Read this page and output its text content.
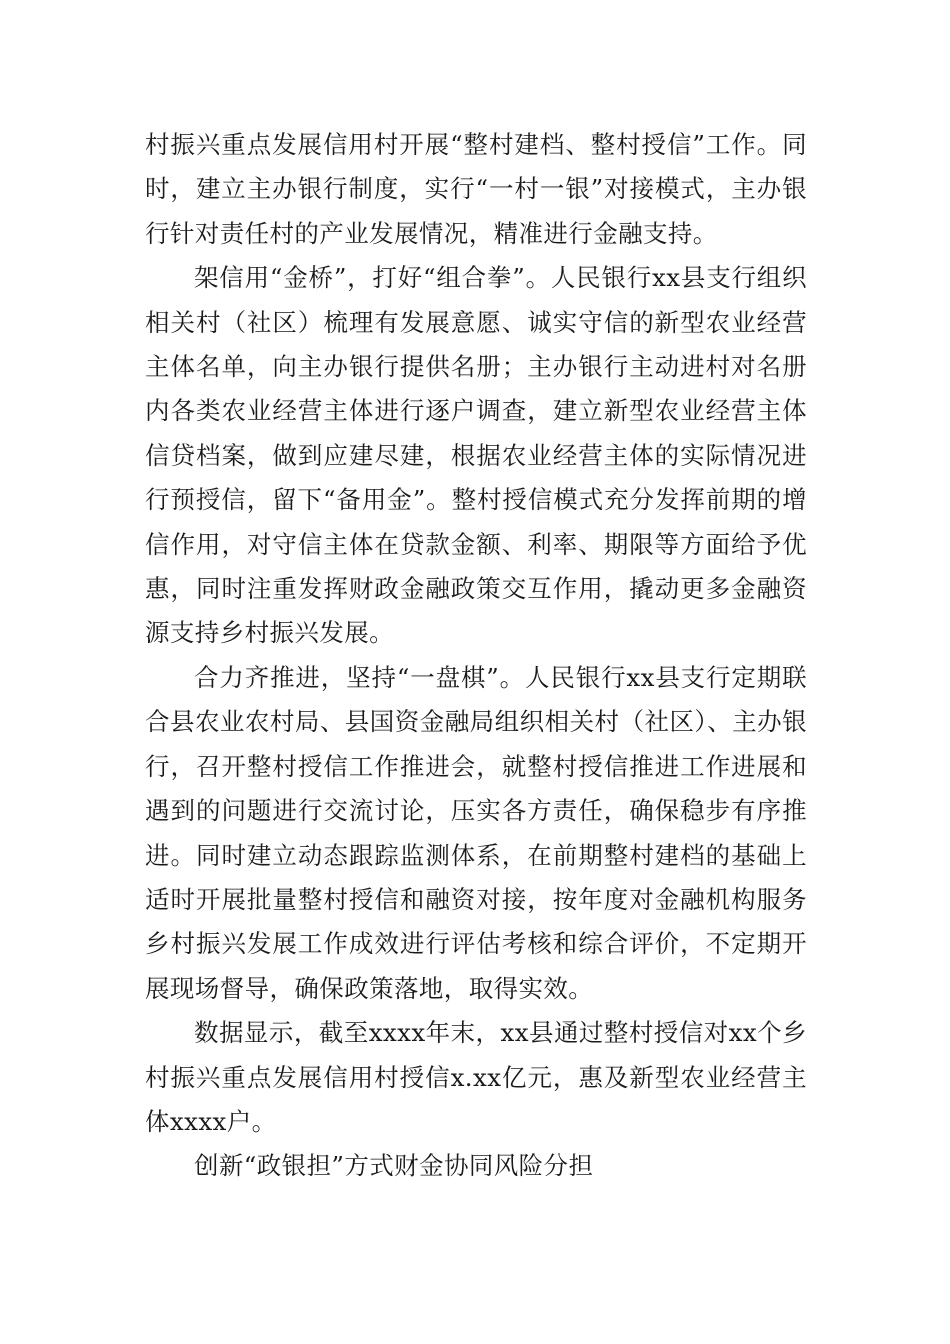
村振兴重点发展信用村开展“整村建档、整村授信”工作。同时，建立主办银行制度，实行“一村一银”对接模式，主办银行针对责任村的产业发展情况，精准进行金融支持。

架信用“金桥”，打好“组合拳”。人民银行xx县支行组织相关村（社区）梳理有发展意愿、诚实守信的新型农业经营主体名单，向主办银行提供名册；主办银行主动进村对名册内各类农业经营主体进行逐户调查，建立新型农业经营主体信贷档案，做到应建尽建，根据农业经营主体的实际情况进行预授信，留下“备用金”。整村授信模式充分发挥前期的增信作用，对守信主体在贷款金额、利率、期限等方面给予优惠，同时注重发挥财政金融政策交互作用，撬动更多金融资源支持乡村振兴发展。

合力齐推进，坚持“一盘棋”。人民银行xx县支行定期联合县农业农村局、县国资金融局组织相关村（社区）、主办银行，召开整村授信工作推进会，就整村授信推进工作进展和遇到的问题进行交流讨论，压实各方责任，确保稳步有序推进。同时建立动态跟踪监测体系，在前期整村建档的基础上适时开展批量整村授信和融资对接，按年度对金融机构服务乡村振兴发展工作成效进行评估考核和综合评价，不定期开展现场督导，确保政策落地，取得实效。

数据显示，截至xxxx年末，xx县通过整村授信对xx个乡村振兴重点发展信用村授信x.xx亿元，惠及新型农业经营主体xxxx户。

创新“政银担”方式财金协同风险分担
